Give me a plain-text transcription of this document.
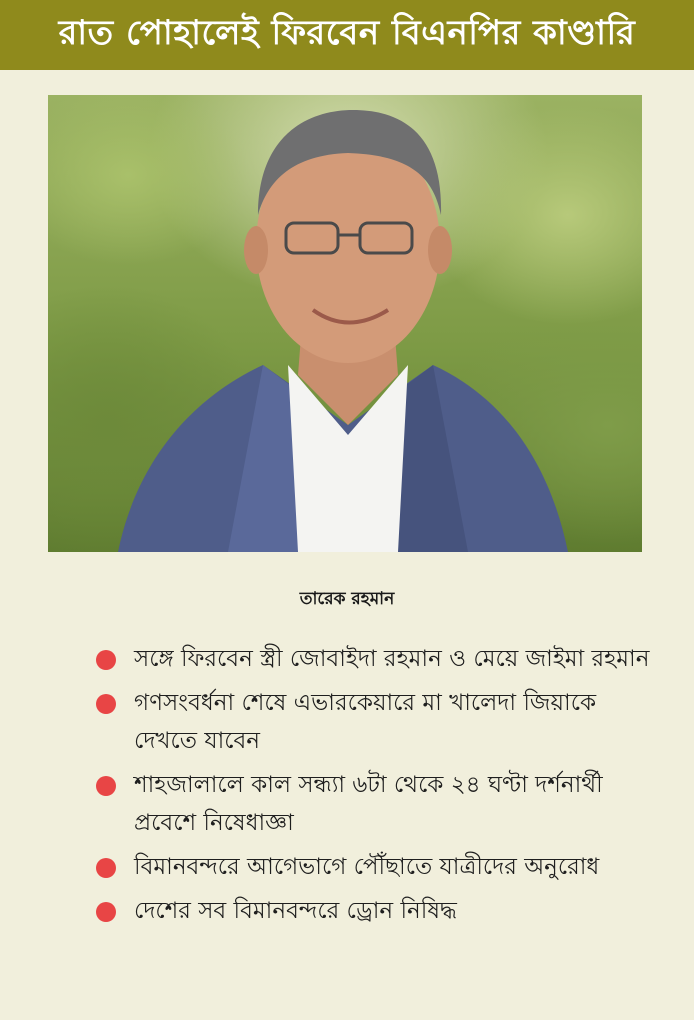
রাত পোহালেই ফিরবেন বিএনপির কাণ্ডারি
তারেক রহমান
সঙ্গে ফিরবেন স্ত্রী জোবাইদা রহমান ও মেয়ে জাইমা রহমান
গণসংবর্ধনা শেষে এভারকেয়ারে মা খালেদা জিয়াকে দেখতে যাবেন
শাহজালালে কাল সন্ধ্যা ৬টা থেকে ২৪ ঘণ্টা দর্শনার্থী প্রবেশে নিষেধাজ্ঞা
বিমানবন্দরে আগেভাগে পৌঁছাতে যাত্রীদের অনুরোধ
দেশের সব বিমানবন্দরে ড্রোন নিষিদ্ধ
